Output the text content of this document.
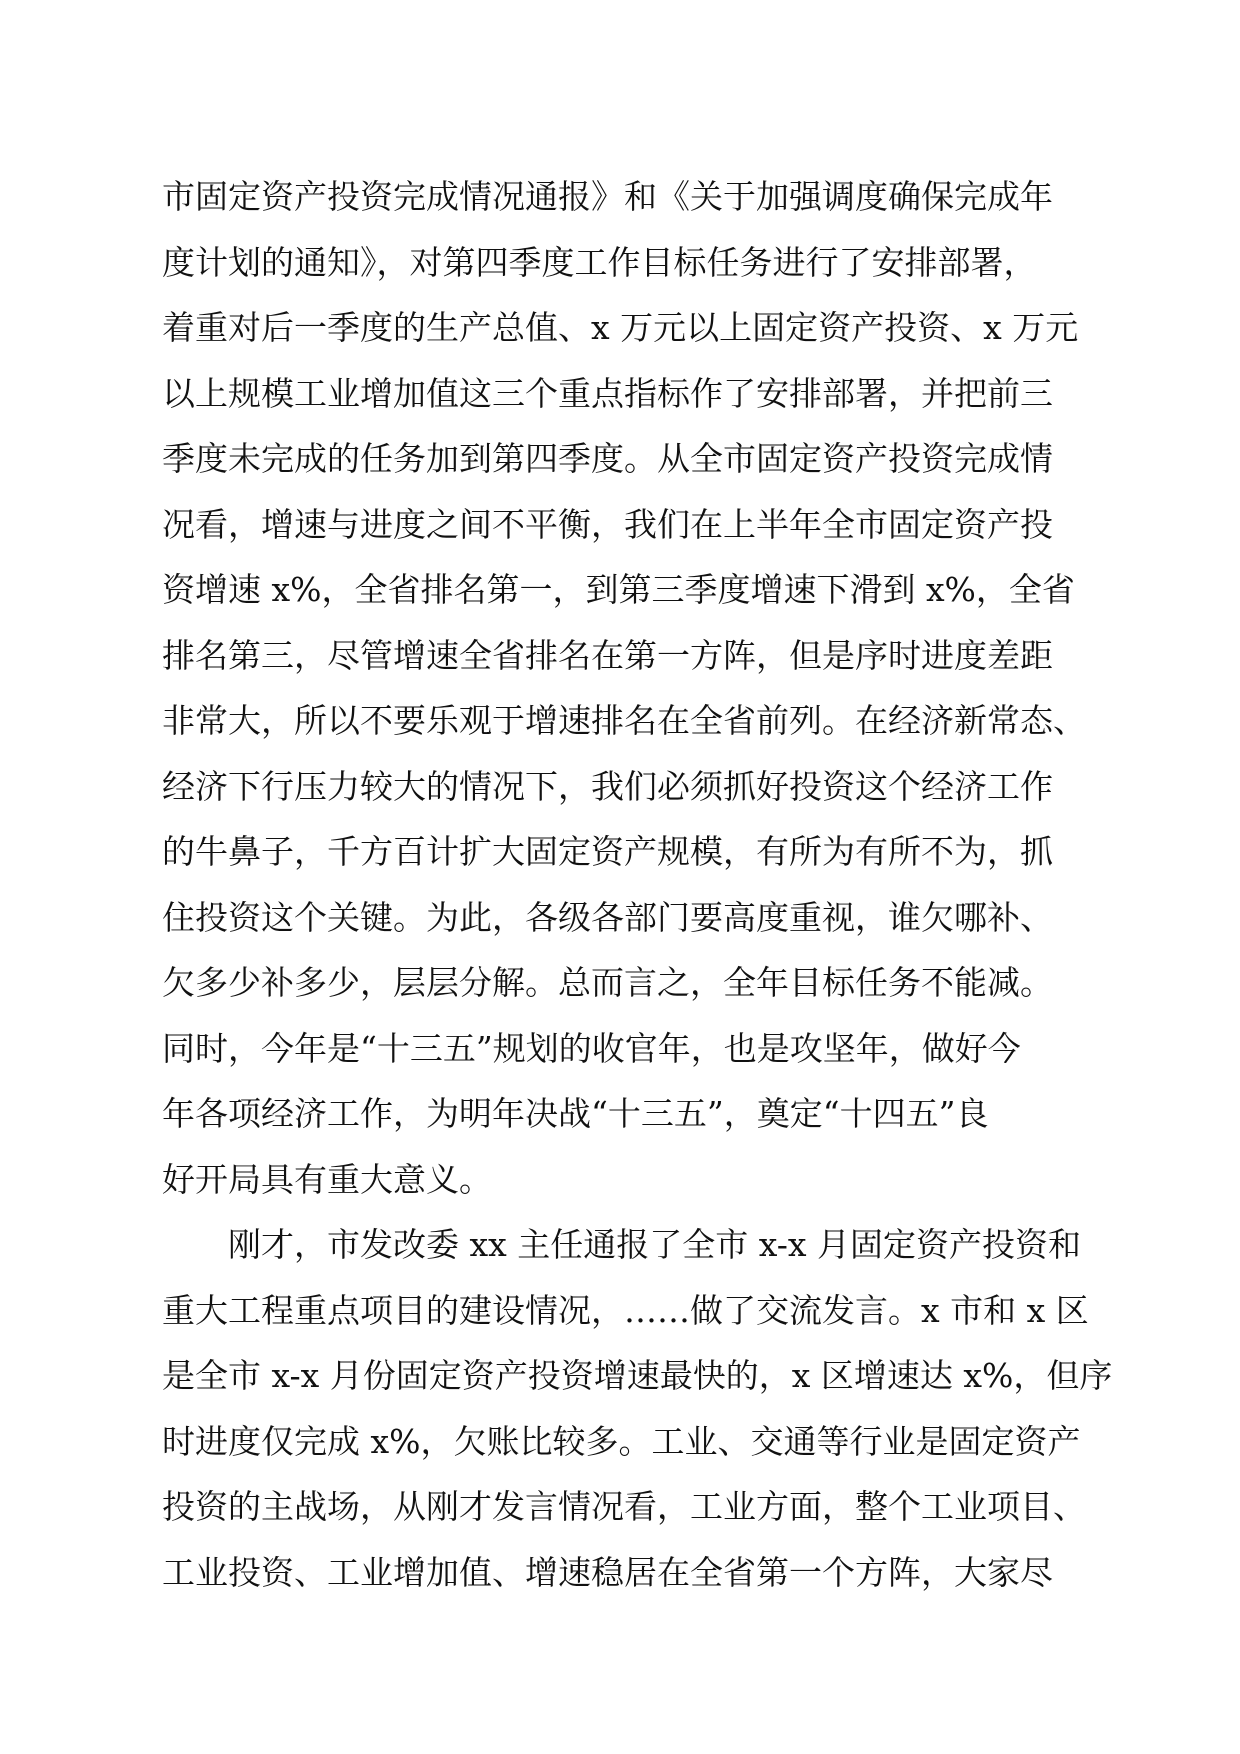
市固定资产投资完成情况通报》和《关于加强调度确保完成年
度计划的通知》，对第四季度工作目标任务进行了安排部署，
着重对后一季度的生产总值、x 万元以上固定资产投资、x 万元
以上规模工业增加值这三个重点指标作了安排部署，并把前三
季度未完成的任务加到第四季度。从全市固定资产投资完成情
况看，增速与进度之间不平衡，我们在上半年全市固定资产投
资增速 x%，全省排名第一，到第三季度增速下滑到 x%，全省
排名第三，尽管增速全省排名在第一方阵，但是序时进度差距
非常大，所以不要乐观于增速排名在全省前列。在经济新常态、
经济下行压力较大的情况下，我们必须抓好投资这个经济工作
的牛鼻子，千方百计扩大固定资产规模，有所为有所不为，抓
住投资这个关键。为此，各级各部门要高度重视，谁欠哪补、
欠多少补多少，层层分解。总而言之，全年目标任务不能减。
同时，今年是“十三五”规划的收官年，也是攻坚年，做好今
年各项经济工作，为明年决战“十三五”，奠定“十四五”良
好开局具有重大意义。
刚才，市发改委 xx 主任通报了全市 x-x 月固定资产投资和
重大工程重点项目的建设情况，……做了交流发言。x 市和 x 区
是全市 x-x 月份固定资产投资增速最快的，x 区增速达 x%，但序
时进度仅完成 x%，欠账比较多。工业、交通等行业是固定资产
投资的主战场，从刚才发言情况看，工业方面，整个工业项目、
工业投资、工业增加值、增速稳居在全省第一个方阵，大家尽
